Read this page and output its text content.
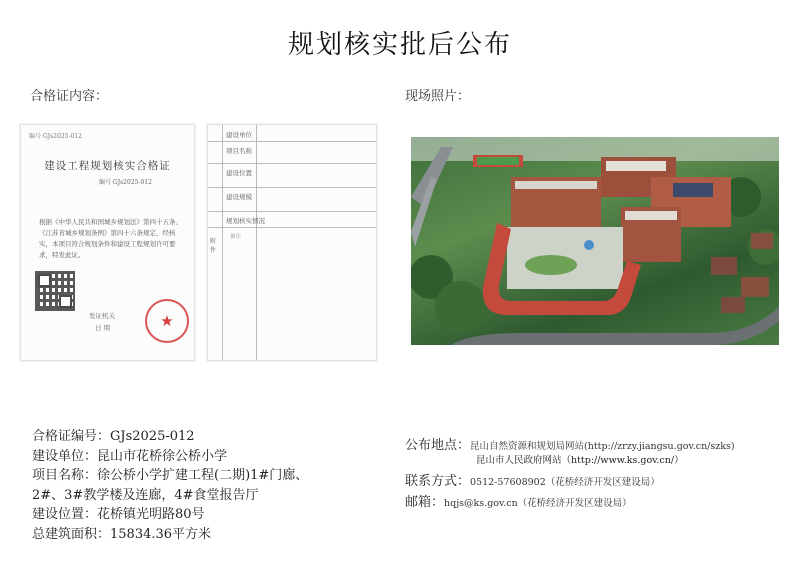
规划核实批后公布
合格证内容：	现场照片：
编号 GJs2025-012
建设工程规划核实合格证
编号 GJs2025-012
根据《中华人民共和国城乡规划法》第四十五条、《江苏省城乡规划条例》第四十六条规定，经核实，本项目符合规划条件和建设工程规划许可要求，特发此证。
发证机关
日 期	★
建设单位
项目名称
建设位置
建设规模
规划核实情况
附件
备注
合格证编号：GJs2025-012
建设单位：昆山市花桥徐公桥小学
项目名称：徐公桥小学扩建工程(二期)1#门廊、
2#、3#教学楼及连廊，4#食堂报告厅
建设位置：花桥镇光明路80号
总建筑面积：15834.36平方米
公布地点：昆山自然资源和规划局网站(http://zrzy.jiangsu.gov.cn/szks)
昆山市人民政府网站（http://www.ks.gov.cn/）
联系方式：0512-57608902（花桥经济开发区建设局）
邮箱：hqjs@ks.gov.cn（花桥经济开发区建设局）
